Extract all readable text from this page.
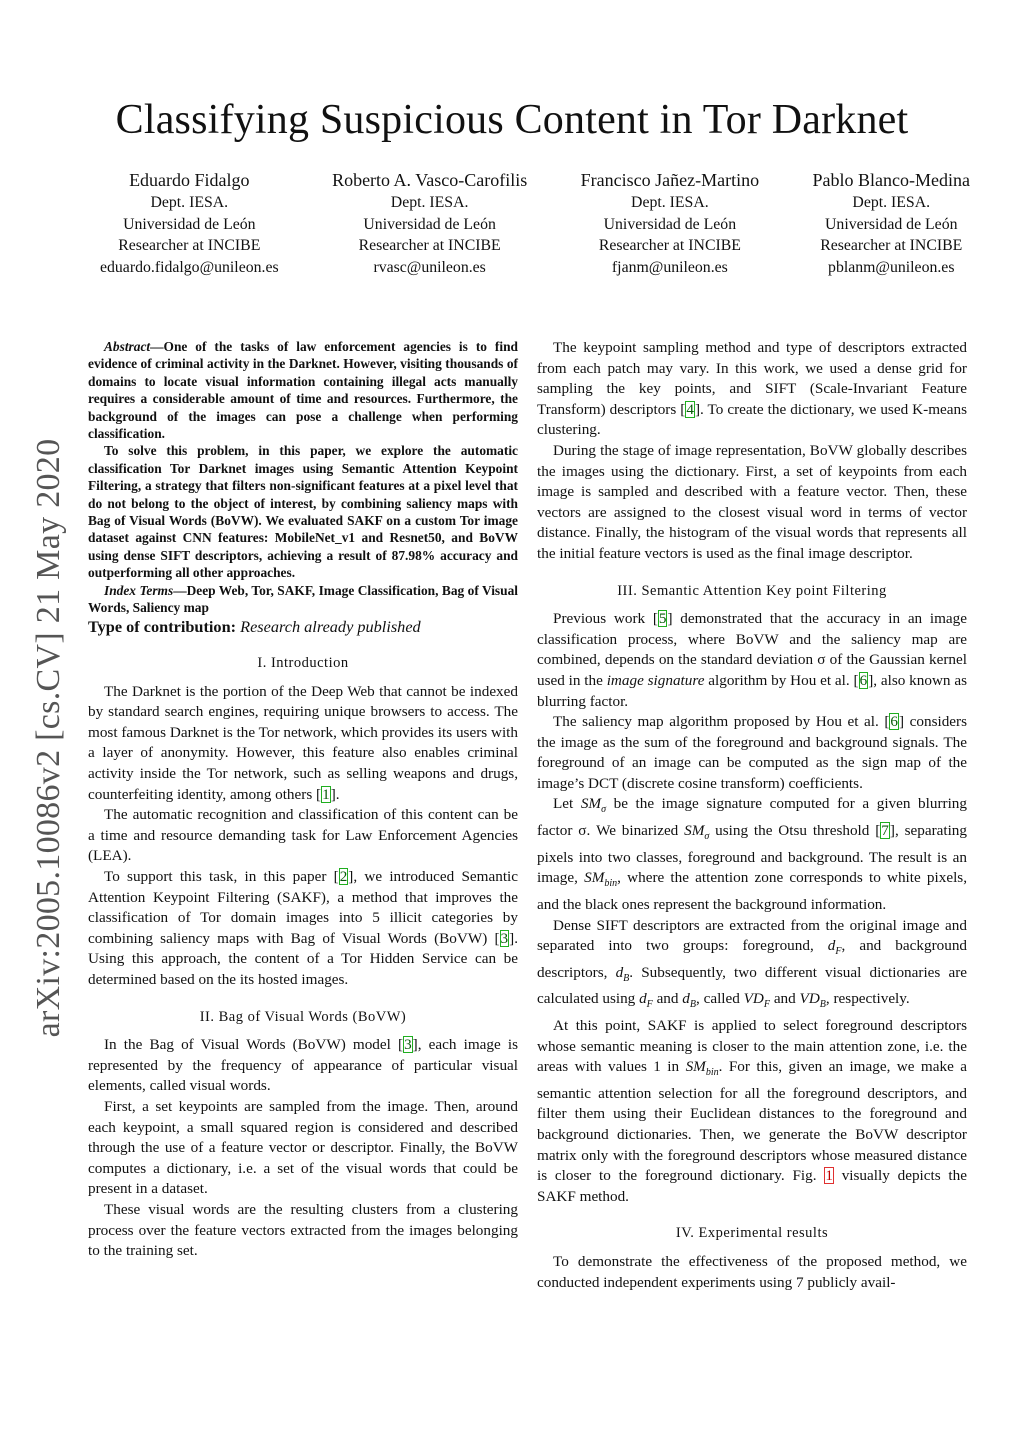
arXiv:2005.10086v2 [cs.CV] 21 May 2020
Classifying Suspicious Content in Tor Darknet
Eduardo Fidalgo
Dept. IESA.
Universidad de León
Researcher at INCIBE
eduardo.fidalgo@unileon.es
Roberto A. Vasco-Carofilis
Dept. IESA.
Universidad de León
Researcher at INCIBE
rvasc@unileon.es
Francisco Jañez-Martino
Dept. IESA.
Universidad de León
Researcher at INCIBE
fjanm@unileon.es
Pablo Blanco-Medina
Dept. IESA.
Universidad de León
Researcher at INCIBE
pblanm@unileon.es

Abstract—One of the tasks of law enforcement agencies is to find evidence of criminal activity in the Darknet. However, visiting thousands of domains to locate visual information containing illegal acts manually requires a considerable amount of time and resources. Furthermore, the background of the images can pose a challenge when performing classification.

To solve this problem, in this paper, we explore the automatic classification Tor Darknet images using Semantic Attention Keypoint Filtering, a strategy that filters non-significant features at a pixel level that do not belong to the object of interest, by combining saliency maps with Bag of Visual Words (BoVW). We evaluated SAKF on a custom Tor image dataset against CNN features: MobileNet_v1 and Resnet50, and BoVW using dense SIFT descriptors, achieving a result of 87.98% accuracy and outperforming all other approaches.

Index Terms—Deep Web, Tor, SAKF, Image Classification, Bag of Visual Words, Saliency map

Type of contribution: Research already published

I. Introduction

The Darknet is the portion of the Deep Web that cannot be indexed by standard search engines, requiring unique browsers to access. The most famous Darknet is the Tor network, which provides its users with a layer of anonymity. However, this feature also enables criminal activity inside the Tor network, such as selling weapons and drugs, counterfeiting identity, among others [1].

The automatic recognition and classification of this content can be a time and resource demanding task for Law Enforcement Agencies (LEA).

To support this task, in this paper [2], we introduced Semantic Attention Keypoint Filtering (SAKF), a method that improves the classification of Tor domain images into 5 illicit categories by combining saliency maps with Bag of Visual Words (BoVW) [3]. Using this approach, the content of a Tor Hidden Service can be determined based on the its hosted images.

II. Bag of Visual Words (BoVW)

In the Bag of Visual Words (BoVW) model [3], each image is represented by the frequency of appearance of particular visual elements, called visual words.

First, a set keypoints are sampled from the image. Then, around each keypoint, a small squared region is considered and described through the use of a feature vector or descriptor. Finally, the BoVW computes a dictionary, i.e. a set of the visual words that could be present in a dataset.

These visual words are the resulting clusters from a clustering process over the feature vectors extracted from the images belonging to the training set.

The keypoint sampling method and type of descriptors extracted from each patch may vary. In this work, we used a dense grid for sampling the key points, and SIFT (Scale-Invariant Feature Transform) descriptors [4]. To create the dictionary, we used K-means clustering.

During the stage of image representation, BoVW globally describes the images using the dictionary. First, a set of keypoints from each image is sampled and described with a feature vector. Then, these vectors are assigned to the closest visual word in terms of vector distance. Finally, the histogram of the visual words that represents all the initial feature vectors is used as the final image descriptor.

III. Semantic Attention Key point Filtering

Previous work [5] demonstrated that the accuracy in an image classification process, where BoVW and the saliency map are combined, depends on the standard deviation σ of the Gaussian kernel used in the image signature algorithm by Hou et al. [6], also known as blurring factor.

The saliency map algorithm proposed by Hou et al. [6] considers the image as the sum of the foreground and background signals. The foreground of an image can be computed as the sign map of the image’s DCT (discrete cosine transform) coefficients.

Let $SM_\sigma$ be the image signature computed for a given blurring factor σ. We binarized $SM_\sigma$ using the Otsu threshold [7], separating pixels into two classes, foreground and background. The result is an image, $SM_{bin}$, where the attention zone corresponds to white pixels, and the black ones represent the background information.

Dense SIFT descriptors are extracted from the original image and separated into two groups: foreground, $d_F$, and background descriptors, $d_B$. Subsequently, two different visual dictionaries are calculated using $d_F$ and $d_B$, called $VD_F$ and $VD_B$, respectively.

At this point, SAKF is applied to select foreground descriptors whose semantic meaning is closer to the main attention zone, i.e. the areas with values 1 in $SM_{bin}$. For this, given an image, we make a semantic attention selection for all the foreground descriptors, and filter them using their Euclidean distances to the foreground and background dictionaries. Then, we generate the BoVW descriptor matrix only with the foreground descriptors whose measured distance is closer to the foreground dictionary. Fig. 1 visually depicts the SAKF method.

IV. Experimental results

To demonstrate the effectiveness of the proposed method, we conducted independent experiments using 7 publicly avail-
